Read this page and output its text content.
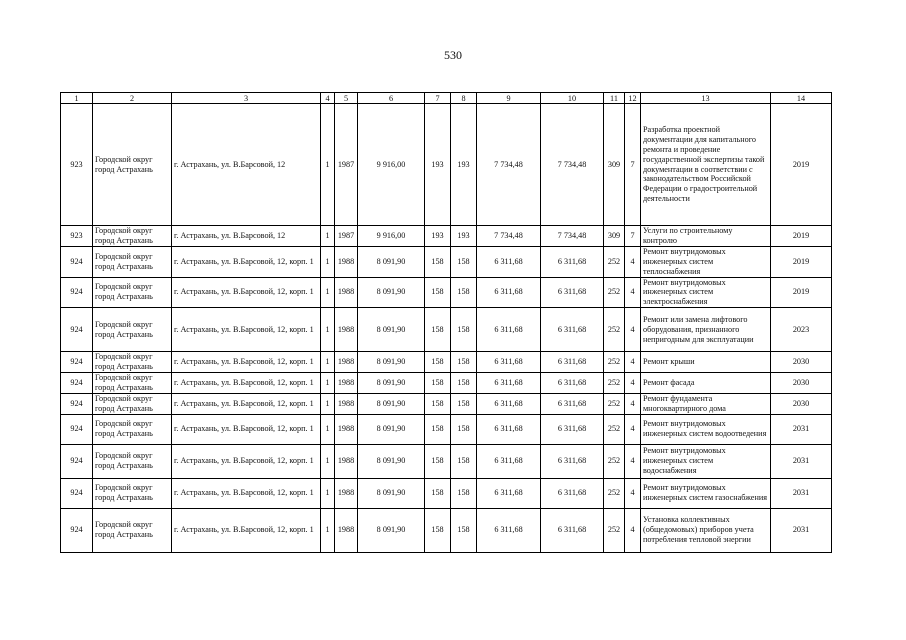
530
1	2	3	4	5	6	7	8	9	10	11	12	13	14
923	Городской округ город Астрахань	г. Астрахань, ул. В.Барсовой, 12	1	1987	9 916,00	193	193	7 734,48	7 734,48	309	7	Разработка проектной документации для капитального ремонта и проведение государственной экспертизы такой документации в соответствии с законодательством Российской Федерации о градостроительной деятельности	2019
923	Городской округ город Астрахань	г. Астрахань, ул. В.Барсовой, 12	1	1987	9 916,00	193	193	7 734,48	7 734,48	309	7	Услуги по строительному контролю	2019
924	Городской округ город Астрахань	г. Астрахань, ул. В.Барсовой, 12, корп. 1	1	1988	8 091,90	158	158	6 311,68	6 311,68	252	4	Ремонт внутридомовых инженерных систем теплоснабжения	2019
924	Городской округ город Астрахань	г. Астрахань, ул. В.Барсовой, 12, корп. 1	1	1988	8 091,90	158	158	6 311,68	6 311,68	252	4	Ремонт внутридомовых инженерных систем электроснабжения	2019
924	Городской округ город Астрахань	г. Астрахань, ул. В.Барсовой, 12, корп. 1	1	1988	8 091,90	158	158	6 311,68	6 311,68	252	4	Ремонт или замена лифтового оборудования, признанного непригодным для эксплуатации	2023
924	Городской округ город Астрахань	г. Астрахань, ул. В.Барсовой, 12, корп. 1	1	1988	8 091,90	158	158	6 311,68	6 311,68	252	4	Ремонт крыши	2030
924	Городской округ город Астрахань	г. Астрахань, ул. В.Барсовой, 12, корп. 1	1	1988	8 091,90	158	158	6 311,68	6 311,68	252	4	Ремонт фасада	2030
924	Городской округ город Астрахань	г. Астрахань, ул. В.Барсовой, 12, корп. 1	1	1988	8 091,90	158	158	6 311,68	6 311,68	252	4	Ремонт фундамента многоквартирного дома	2030
924	Городской округ город Астрахань	г. Астрахань, ул. В.Барсовой, 12, корп. 1	1	1988	8 091,90	158	158	6 311,68	6 311,68	252	4	Ремонт внутридомовых инженерных систем водоотведения	2031
924	Городской округ город Астрахань	г. Астрахань, ул. В.Барсовой, 12, корп. 1	1	1988	8 091,90	158	158	6 311,68	6 311,68	252	4	Ремонт внутридомовых инженерных систем водоснабжения	2031
924	Городской округ город Астрахань	г. Астрахань, ул. В.Барсовой, 12, корп. 1	1	1988	8 091,90	158	158	6 311,68	6 311,68	252	4	Ремонт внутридомовых инженерных систем газоснабжения	2031
924	Городской округ город Астрахань	г. Астрахань, ул. В.Барсовой, 12, корп. 1	1	1988	8 091,90	158	158	6 311,68	6 311,68	252	4	Установка коллективных (общедомовых) приборов учета потребления тепловой энергии	2031
